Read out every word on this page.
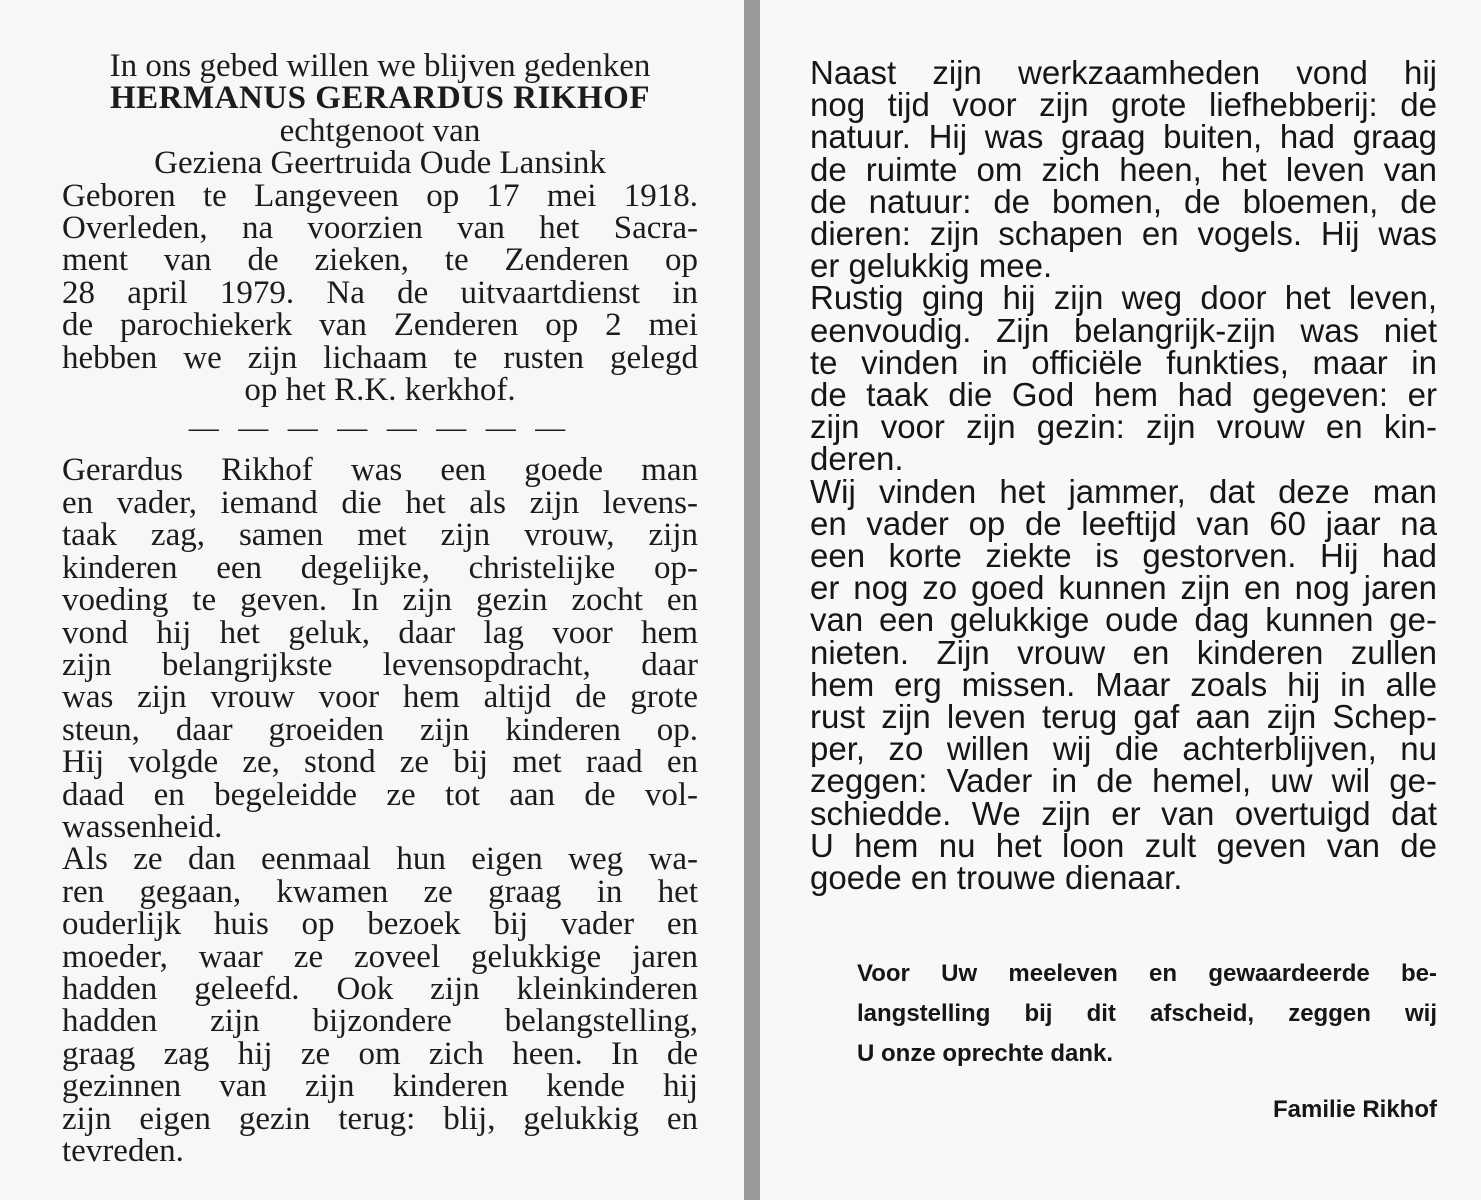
In ons gebed willen we blijven gedenken
HERMANUS GERARDUS RIKHOF
echtgenoot van
Geziena Geertruida Oude Lansink
Geboren te Langeveen op 17 mei 1918.
Overleden, na voorzien van het Sacra-
ment van de zieken, te Zenderen op
28 april 1979. Na de uitvaartdienst in
de parochiekerk van Zenderen op 2 mei
hebben we zijn lichaam te rusten gelegd
op het R.K. kerkhof.
— — — — — — — —
Gerardus Rikhof was een goede man
en vader, iemand die het als zijn levens-
taak zag, samen met zijn vrouw, zijn
kinderen een degelijke, christelijke op-
voeding te geven. In zijn gezin zocht en
vond hij het geluk, daar lag voor hem
zijn belangrijkste levensopdracht, daar
was zijn vrouw voor hem altijd de grote
steun, daar groeiden zijn kinderen op.
Hij volgde ze, stond ze bij met raad en
daad en begeleidde ze tot aan de vol-
wassenheid.
Als ze dan eenmaal hun eigen weg wa-
ren gegaan, kwamen ze graag in het
ouderlijk huis op bezoek bij vader en
moeder, waar ze zoveel gelukkige jaren
hadden geleefd. Ook zijn kleinkinderen
hadden zijn bijzondere belangstelling,
graag zag hij ze om zich heen. In de
gezinnen van zijn kinderen kende hij
zijn eigen gezin terug: blij, gelukkig en
tevreden.
Naast zijn werkzaamheden vond hij
nog tijd voor zijn grote liefhebberij: de
natuur. Hij was graag buiten, had graag
de ruimte om zich heen, het leven van
de natuur: de bomen, de bloemen, de
dieren: zijn schapen en vogels. Hij was
er gelukkig mee.
Rustig ging hij zijn weg door het leven,
eenvoudig. Zijn belangrijk-zijn was niet
te vinden in officiële funkties, maar in
de taak die God hem had gegeven: er
zijn voor zijn gezin: zijn vrouw en kin-
deren.
Wij vinden het jammer, dat deze man
en vader op de leeftijd van 60 jaar na
een korte ziekte is gestorven. Hij had
er nog zo goed kunnen zijn en nog jaren
van een gelukkige oude dag kunnen ge-
nieten. Zijn vrouw en kinderen zullen
hem erg missen. Maar zoals hij in alle
rust zijn leven terug gaf aan zijn Schep-
per, zo willen wij die achterblijven, nu
zeggen: Vader in de hemel, uw wil ge-
schiedde. We zijn er van overtuigd dat
U hem nu het loon zult geven van de
goede en trouwe dienaar.
Voor Uw meeleven en gewaardeerde be-
langstelling bij dit afscheid, zeggen wij
U onze oprechte dank.
Familie Rikhof
